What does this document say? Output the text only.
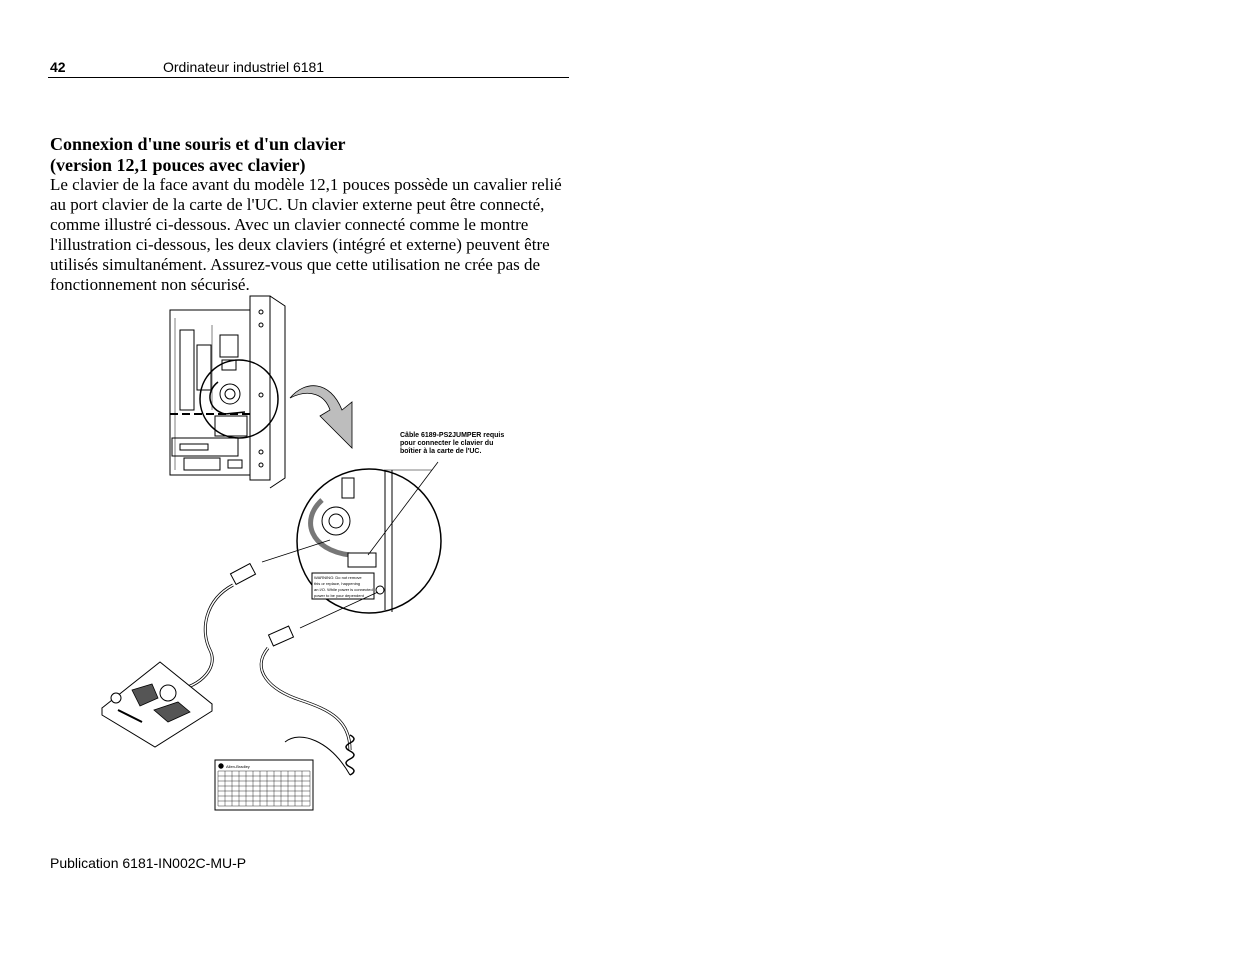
42	Ordinateur industriel 6181
Connexion d'une souris et d'un clavier
(version 12,1 pouces avec clavier)
Le clavier de la face avant du modèle 12,1 pouces possède un cavalier relié
au port clavier de la carte de l'UC. Un clavier externe peut être connecté,
comme illustré ci-dessous. Avec un clavier connecté comme le montre
l'illustration ci-dessous, les deux claviers (intégré et externe) peuvent être
utilisés simultanément. Assurez-vous que cette utilisation ne crée pas de
fonctionnement non sécurisé.
WARNING: Do not remove
this or replace, happening
an I/O. While power is connected
power to be your dependent
Allen-Bradley
Câble 6189-PS2JUMPER requis
pour connecter le clavier du
boîtier à la carte de l'UC.
Publication 6181-IN002C-MU-P
